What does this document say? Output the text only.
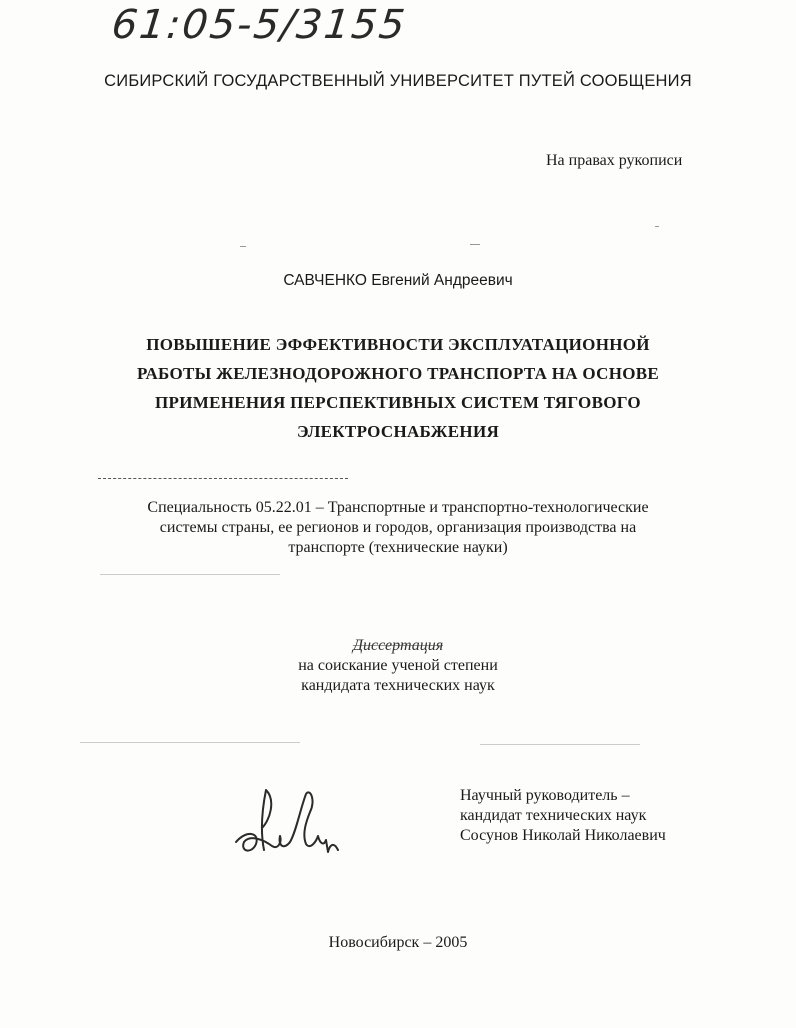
61:05-5/3155
СИБИРСКИЙ ГОСУДАРСТВЕННЫЙ УНИВЕРСИТЕТ ПУТЕЙ СООБЩЕНИЯ
На правах рукописи
САВЧЕНКО Евгений Андреевич
ПОВЫШЕНИЕ ЭФФЕКТИВНОСТИ ЭКСПЛУАТАЦИОННОЙ
РАБОТЫ ЖЕЛЕЗНОДОРОЖНОГО ТРАНСПОРТА НА ОСНОВЕ
ПРИМЕНЕНИЯ ПЕРСПЕКТИВНЫХ СИСТЕМ ТЯГОВОГО
ЭЛЕКТРОСНАБЖЕНИЯ
Специальность 05.22.01 – Транспортные и транспортно-технологические
системы страны, ее регионов и городов, организация производства на
транспорте (технические науки)
Диссертация
на соискание ученой степени
кандидата технических наук
Научный руководитель –
кандидат технических наук
Сосунов Николай Николаевич
Новосибирск – 2005
